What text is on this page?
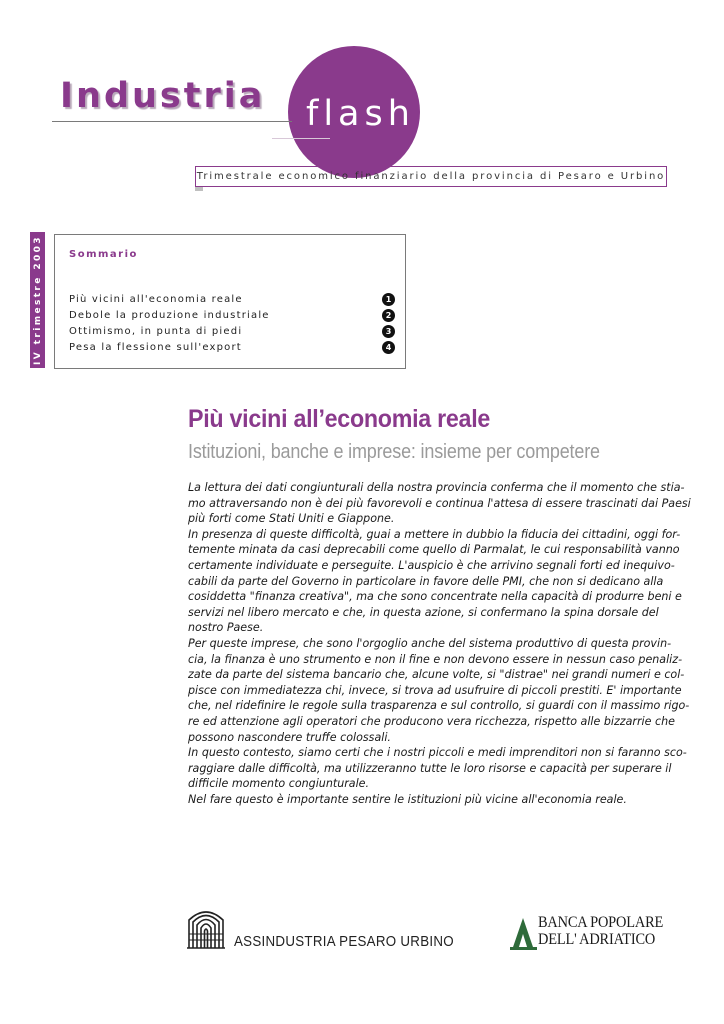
Industria flash
Trimestrale economico finanziario della provincia di Pesaro e Urbino
IV trimestre 2003	Sommario
Più vicini all'economia reale	1
Debole la produzione industriale	2
Ottimismo, in punta di piedi	3
Pesa la flessione sull'export	4
Più vicini all’economia reale
Istituzioni, banche e imprese: insieme per competere
La lettura dei dati congiunturali della nostra provincia conferma che il momento che stia-
mo attraversando non è dei più favorevoli e continua l'attesa di essere trascinati dai Paesi
più forti come Stati Uniti e Giappone.
In presenza di queste difficoltà, guai a mettere in dubbio la fiducia dei cittadini, oggi for-
temente minata da casi deprecabili come quello di Parmalat, le cui responsabilità vanno
certamente individuate e perseguite. L'auspicio è che arrivino segnali forti ed inequivo-
cabili da parte del Governo in particolare in favore delle PMI, che non si dedicano alla
cosiddetta "finanza creativa", ma che sono concentrate nella capacità di produrre beni e
servizi nel libero mercato e che, in questa azione, si confermano la spina dorsale del
nostro Paese.
Per queste imprese, che sono l'orgoglio anche del sistema produttivo di questa provin-
cia, la finanza è uno strumento e non il fine e non devono essere in nessun caso penaliz-
zate da parte del sistema bancario che, alcune volte, si "distrae" nei grandi numeri e col-
pisce con immediatezza chi, invece, si trova ad usufruire di piccoli prestiti. E' importante
che, nel ridefinire le regole sulla trasparenza e sul controllo, si guardi con il massimo rigo-
re ed attenzione agli operatori che producono vera ricchezza, rispetto alle bizzarrie che
possono nascondere truffe colossali.
In questo contesto, siamo certi che i nostri piccoli e medi imprenditori non si faranno sco-
raggiare dalle difficoltà, ma utilizzeranno tutte le loro risorse e capacità per superare il
difficile momento congiunturale.
Nel fare questo è importante sentire le istituzioni più vicine all'economia reale.
ASSINDUSTRIA PESARO URBINO
BANCA POPOLARE
DELL' ADRIATICO
